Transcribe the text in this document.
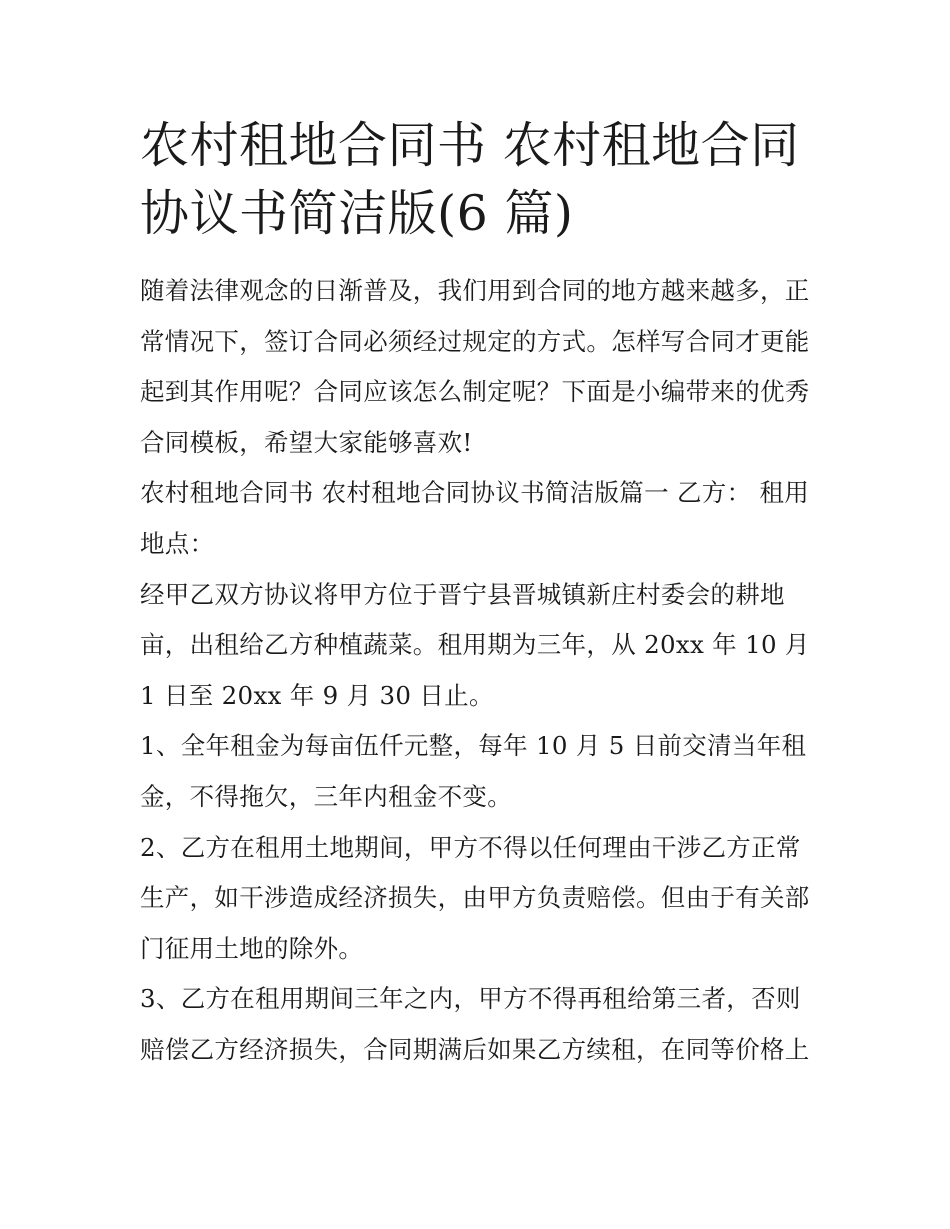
农村租地合同书 农村租地合同协议书简洁版(6 篇)

随着法律观念的日渐普及，我们用到合同的地方越来越多，正常情况下，签订合同必须经过规定的方式。怎样写合同才更能起到其作用呢？合同应该怎么制定呢？下面是小编带来的优秀合同模板，希望大家能够喜欢!

农村租地合同书 农村租地合同协议书简洁版篇一 乙方： 租用地点：

经甲乙双方协议将甲方位于晋宁县晋城镇新庄村委会的耕地亩，出租给乙方种植蔬菜。租用期为三年，从 20xx 年 10 月 1 日至 20xx 年 9 月 30 日止。

1、全年租金为每亩伍仟元整，每年 10 月 5 日前交清当年租金，不得拖欠，三年内租金不变。

2、乙方在租用土地期间，甲方不得以任何理由干涉乙方正常生产，如干涉造成经济损失，由甲方负责赔偿。但由于有关部门征用土地的除外。

3、乙方在租用期间三年之内，甲方不得再租给第三者，否则赔偿乙方经济损失，合同期满后如果乙方续租，在同等价格上
